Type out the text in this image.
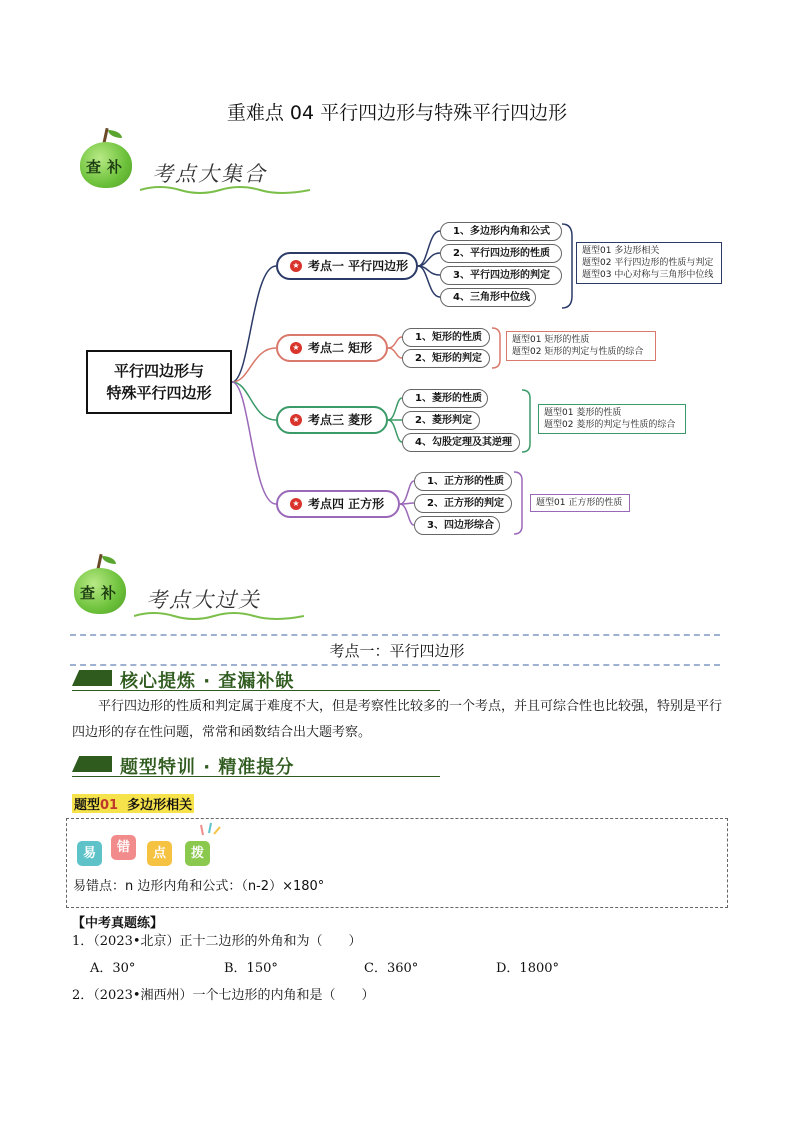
重难点 04 平行四边形与特殊平行四边形
查补 考点大集合
平行四边形与
特殊平行四边形
★ 考点一 平行四边形
1、多边形内角和公式
2、平行四边形的性质
3、平行四边形的判定
4、三角形中位线
题型01 多边形相关
题型02 平行四边形的性质与判定
题型03 中心对称与三角形中位线
★ 考点二 矩形
1、矩形的性质
2、矩形的判定
题型01 矩形的性质
题型02 矩形的判定与性质的综合
★ 考点三 菱形
1、菱形的性质
2、菱形判定
4、勾股定理及其逆理
题型01 菱形的性质
题型02 菱形的判定与性质的综合
★ 考点四 正方形
1、正方形的性质
2、正方形的判定
3、四边形综合
题型01 正方形的性质
查补 考点大过关
考点一：平行四边形
核心提炼 · 查漏补缺
平行四边形的性质和判定属于难度不大，但是考察性比较多的一个考点，并且可综合性也比较强，特别是平行四边形的存在性问题，常常和函数结合出大题考察。
题型特训 · 精准提分
题型01 多边形相关
易	错	点	拨
易错点：n 边形内角和公式：（n-2）×180°
【中考真题练】
1．（2023•北京）正十二边形的外角和为（　　）
A．30°	B．150°	C．360°	D．1800°
2．（2023•湘西州）一个七边形的内角和是（　　）
